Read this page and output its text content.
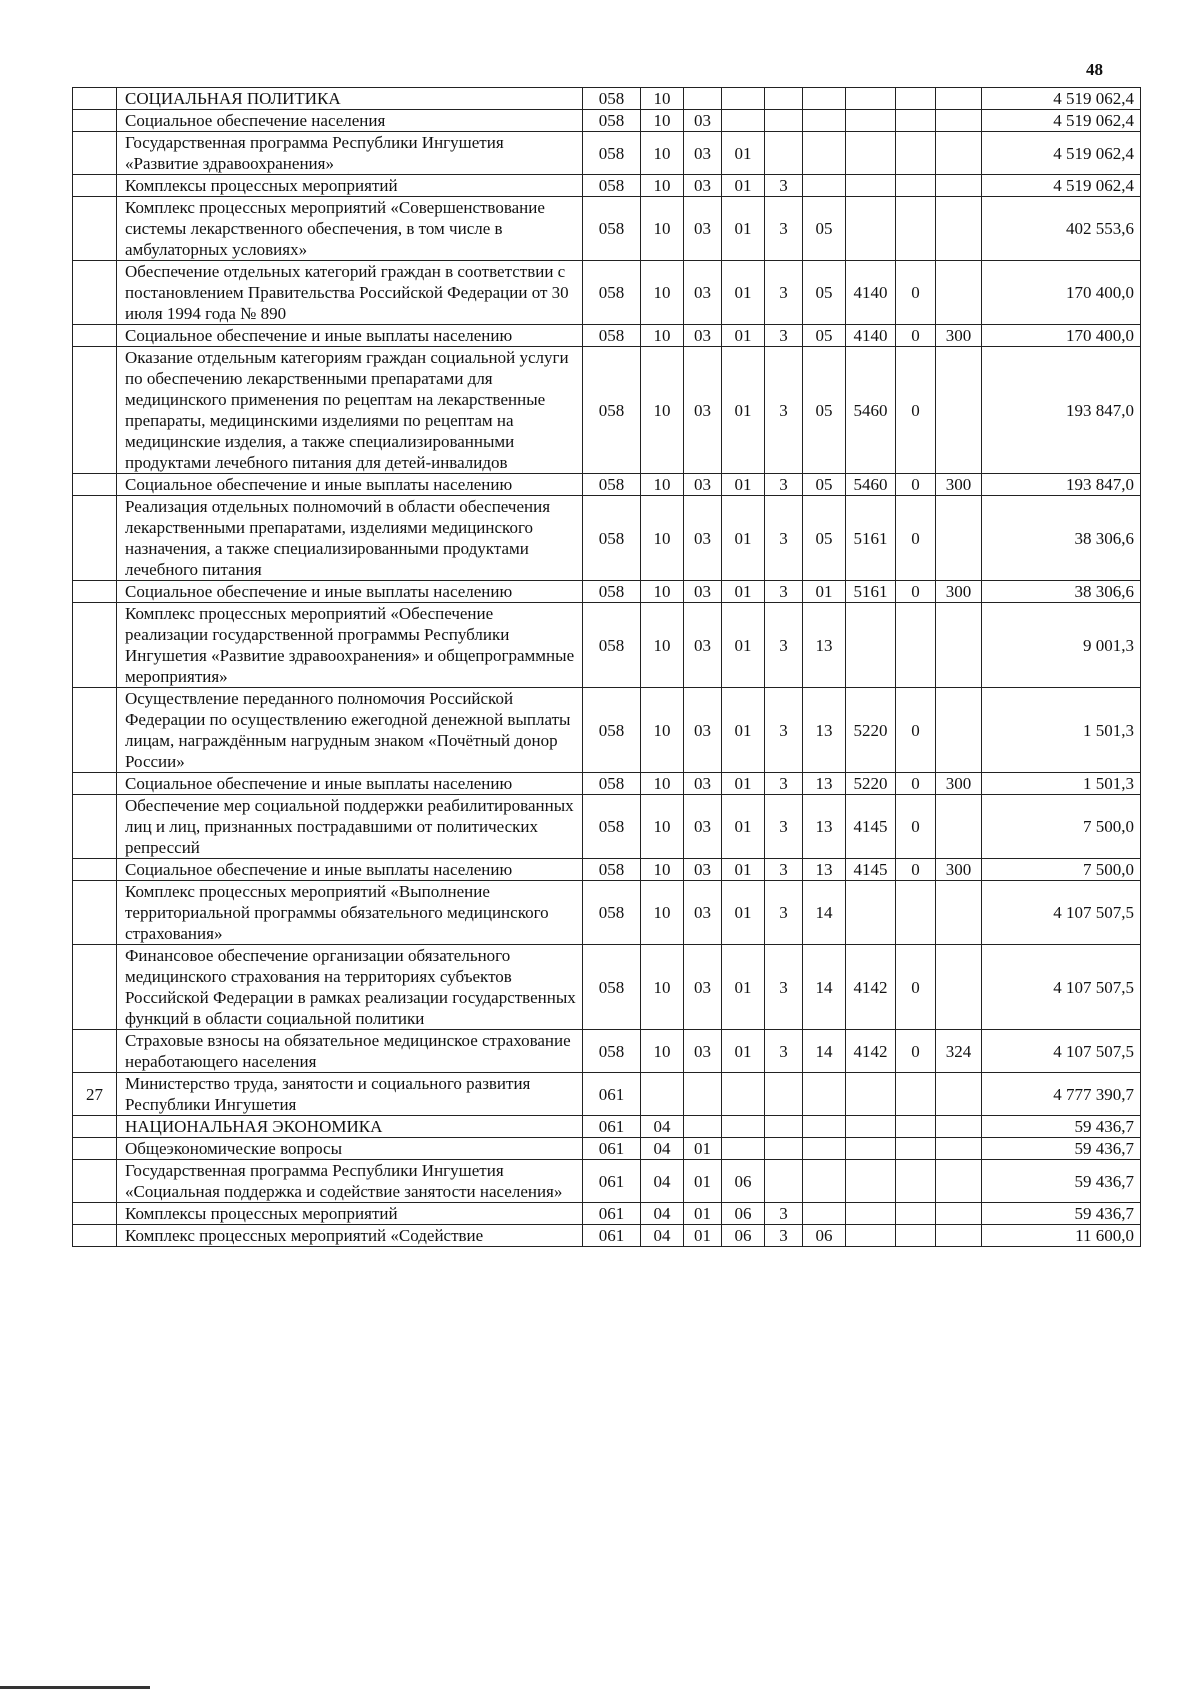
48
	СОЦИАЛЬНАЯ ПОЛИТИКА	058	10								4 519 062,4
	Социальное обеспечение населения	058	10	03							4 519 062,4
	Государственная программа Республики Ингушетия «Развитие здравоохранения»	058	10	03	01						4 519 062,4
	Комплексы процессных мероприятий	058	10	03	01	3					4 519 062,4
	Комплекс процессных мероприятий «Совершенствование системы лекарственного обеспечения, в том числе в амбулаторных условиях»	058	10	03	01	3	05				402 553,6
	Обеспечение отдельных категорий граждан в соответствии с постановлением Правительства Российской Федерации от 30 июля 1994 года № 890	058	10	03	01	3	05	4140	0		170 400,0
	Социальное обеспечение и иные выплаты населению	058	10	03	01	3	05	4140	0	300	170 400,0
	Оказание отдельным категориям граждан социальной услуги по обеспечению лекарственными препаратами для медицинского применения по рецептам на лекарственные препараты, медицинскими изделиями по рецептам на медицинские изделия, а также специализированными продуктами лечебного питания для детей-инвалидов	058	10	03	01	3	05	5460	0		193 847,0
	Социальное обеспечение и иные выплаты населению	058	10	03	01	3	05	5460	0	300	193 847,0
	Реализация отдельных полномочий в области обеспечения лекарственными препаратами, изделиями медицинского назначения, а также специализированными продуктами лечебного питания	058	10	03	01	3	05	5161	0		38 306,6
	Социальное обеспечение и иные выплаты населению	058	10	03	01	3	01	5161	0	300	38 306,6
	Комплекс процессных мероприятий «Обеспечение реализации государственной программы Республики Ингушетия «Развитие здравоохранения» и общепрограммные мероприятия»	058	10	03	01	3	13				9 001,3
	Осуществление переданного полномочия Российской Федерации по осуществлению ежегодной денежной выплаты лицам, награждённым нагрудным знаком «Почётный донор России»	058	10	03	01	3	13	5220	0		1 501,3
	Социальное обеспечение и иные выплаты населению	058	10	03	01	3	13	5220	0	300	1 501,3
	Обеспечение мер социальной поддержки реабилитированных лиц и лиц, признанных пострадавшими от политических репрессий	058	10	03	01	3	13	4145	0		7 500,0
	Социальное обеспечение и иные выплаты населению	058	10	03	01	3	13	4145	0	300	7 500,0
	Комплекс процессных мероприятий «Выполнение территориальной программы обязательного медицинского страхования»	058	10	03	01	3	14				4 107 507,5
	Финансовое обеспечение организации обязательного медицинского страхования на территориях субъектов Российской Федерации в рамках реализации государственных функций в области социальной политики	058	10	03	01	3	14	4142	0		4 107 507,5
	Страховые взносы на обязательное медицинское страхование неработающего населения	058	10	03	01	3	14	4142	0	324	4 107 507,5
27	Министерство труда, занятости и социального развития Республики Ингушетия	061									4 777 390,7
	НАЦИОНАЛЬНАЯ ЭКОНОМИКА	061	04								59 436,7
	Общеэкономические вопросы	061	04	01							59 436,7
	Государственная программа Республики Ингушетия «Социальная поддержка и содействие занятости населения»	061	04	01	06						59 436,7
	Комплексы процессных мероприятий	061	04	01	06	3					59 436,7
	Комплекс процессных мероприятий «Содействие	061	04	01	06	3	06				11 600,0
